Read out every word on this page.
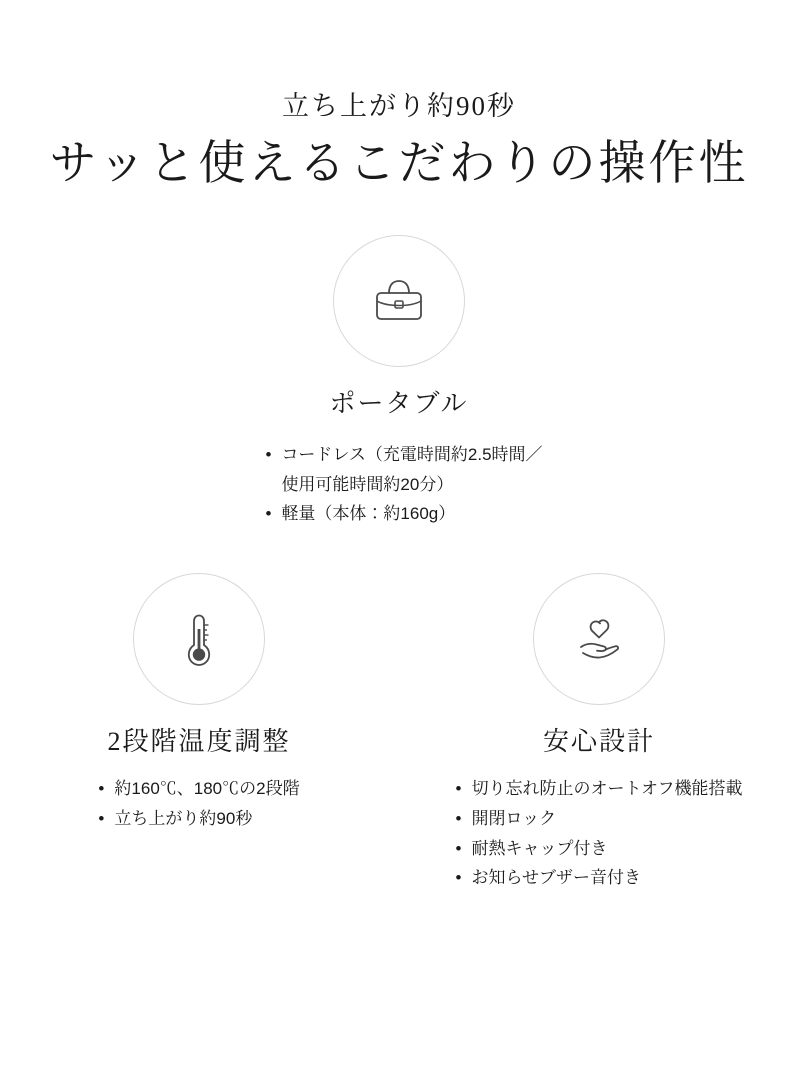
立ち上がり約90秒
サッと使えるこだわりの操作性
ポータブル
• コードレス（充電時間約2.5時間／
使用可能時間約20分）
• 軽量（本体：約160g）
2段階温度調整
• 約160℃、180℃の2段階
• 立ち上がり約90秒
安心設計
• 切り忘れ防止のオートオフ機能搭載
• 開閉ロック
• 耐熱キャップ付き
• お知らせブザー音付き
